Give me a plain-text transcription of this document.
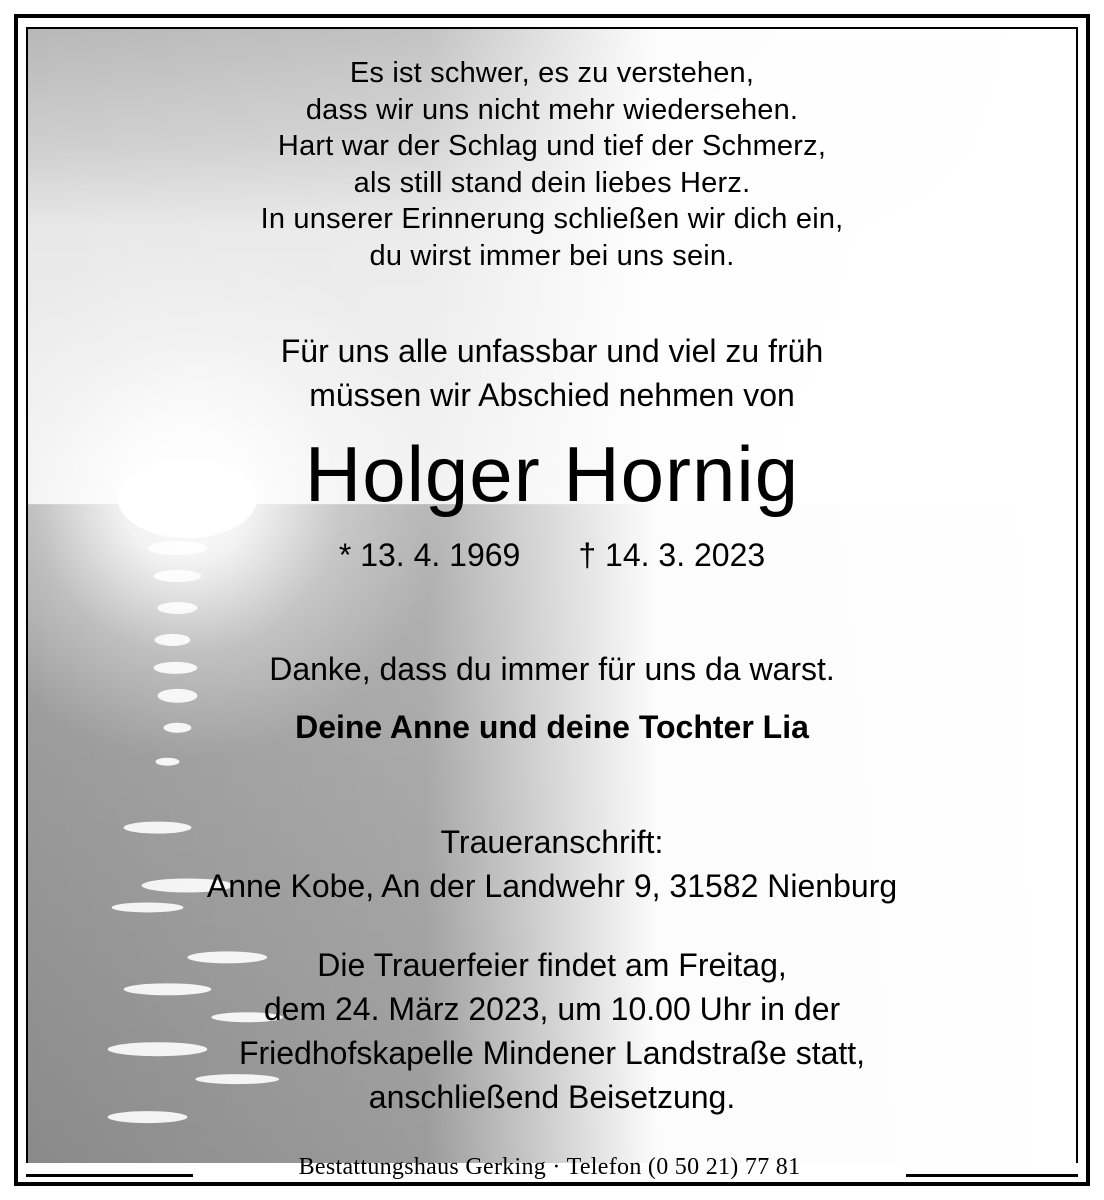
Es ist schwer, es zu verstehen,
dass wir uns nicht mehr wiedersehen.
Hart war der Schlag und tief der Schmerz,
als still stand dein liebes Herz.
In unserer Erinnerung schließen wir dich ein,
du wirst immer bei uns sein.
Für uns alle unfassbar und viel zu früh
müssen wir Abschied nehmen von
Holger Hornig
* 13. 4. 1969 † 14. 3. 2023
Danke, dass du immer für uns da warst.
Deine Anne und deine Tochter Lia
Traueranschrift:
Anne Kobe, An der Landwehr 9, 31582 Nienburg
Die Trauerfeier findet am Freitag,
dem 24. März 2023, um 10.00 Uhr in der
Friedhofskapelle Mindener Landstraße statt,
anschließend Beisetzung.
Bestattungshaus Gerking · Telefon (0 50 21) 77 81
